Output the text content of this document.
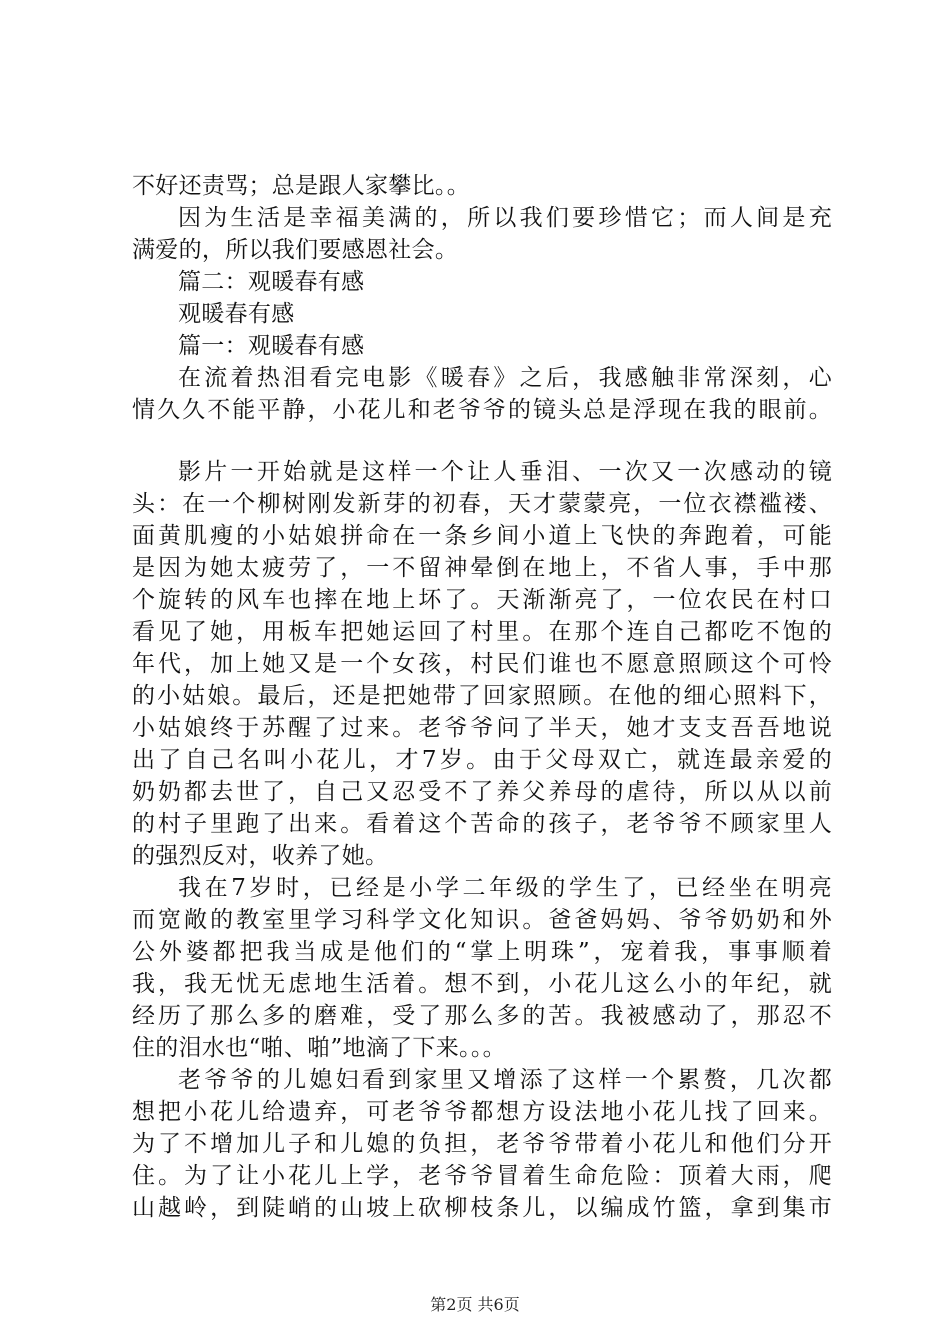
不好还责骂；总是跟人家攀比。。
因为生活是幸福美满的，所以我们要珍惜它；而人间是充
满爱的，所以我们要感恩社会。
篇二：观暖春有感
观暖春有感
篇一：观暖春有感
在流着热泪看完电影《暖春》之后，我感触非常深刻，心
情久久不能平静，小花儿和老爷爷的镜头总是浮现在我的眼前。
影片一开始就是这样一个让人垂泪、一次又一次感动的镜
头：在一个柳树刚发新芽的初春，天才蒙蒙亮，一位衣襟褴褛、
面黄肌瘦的小姑娘拼命在一条乡间小道上飞快的奔跑着，可能
是因为她太疲劳了，一不留神晕倒在地上，不省人事，手中那
个旋转的风车也摔在地上坏了。天渐渐亮了，一位农民在村口
看见了她，用板车把她运回了村里。在那个连自己都吃不饱的
年代，加上她又是一个女孩，村民们谁也不愿意照顾这个可怜
的小姑娘。最后，还是把她带了回家照顾。在他的细心照料下，
小姑娘终于苏醒了过来。老爷爷问了半天，她才支支吾吾地说
出了自己名叫小花儿，才7岁。由于父母双亡，就连最亲爱的
奶奶都去世了，自己又忍受不了养父养母的虐待，所以从以前
的村子里跑了出来。看着这个苦命的孩子，老爷爷不顾家里人
的强烈反对，收养了她。
我在7岁时，已经是小学二年级的学生了，已经坐在明亮
而宽敞的教室里学习科学文化知识。爸爸妈妈、爷爷奶奶和外
公外婆都把我当成是他们的“掌上明珠”，宠着我，事事顺着
我，我无忧无虑地生活着。想不到，小花儿这么小的年纪，就
经历了那么多的磨难，受了那么多的苦。我被感动了，那忍不
住的泪水也“啪、啪”地滴了下来。。。
老爷爷的儿媳妇看到家里又增添了这样一个累赘，几次都
想把小花儿给遗弃，可老爷爷都想方设法地小花儿找了回来。
为了不增加儿子和儿媳的负担，老爷爷带着小花儿和他们分开
住。为了让小花儿上学，老爷爷冒着生命危险：顶着大雨，爬
山越岭，到陡峭的山坡上砍柳枝条儿，以编成竹篮，拿到集市
第2页 共6页
